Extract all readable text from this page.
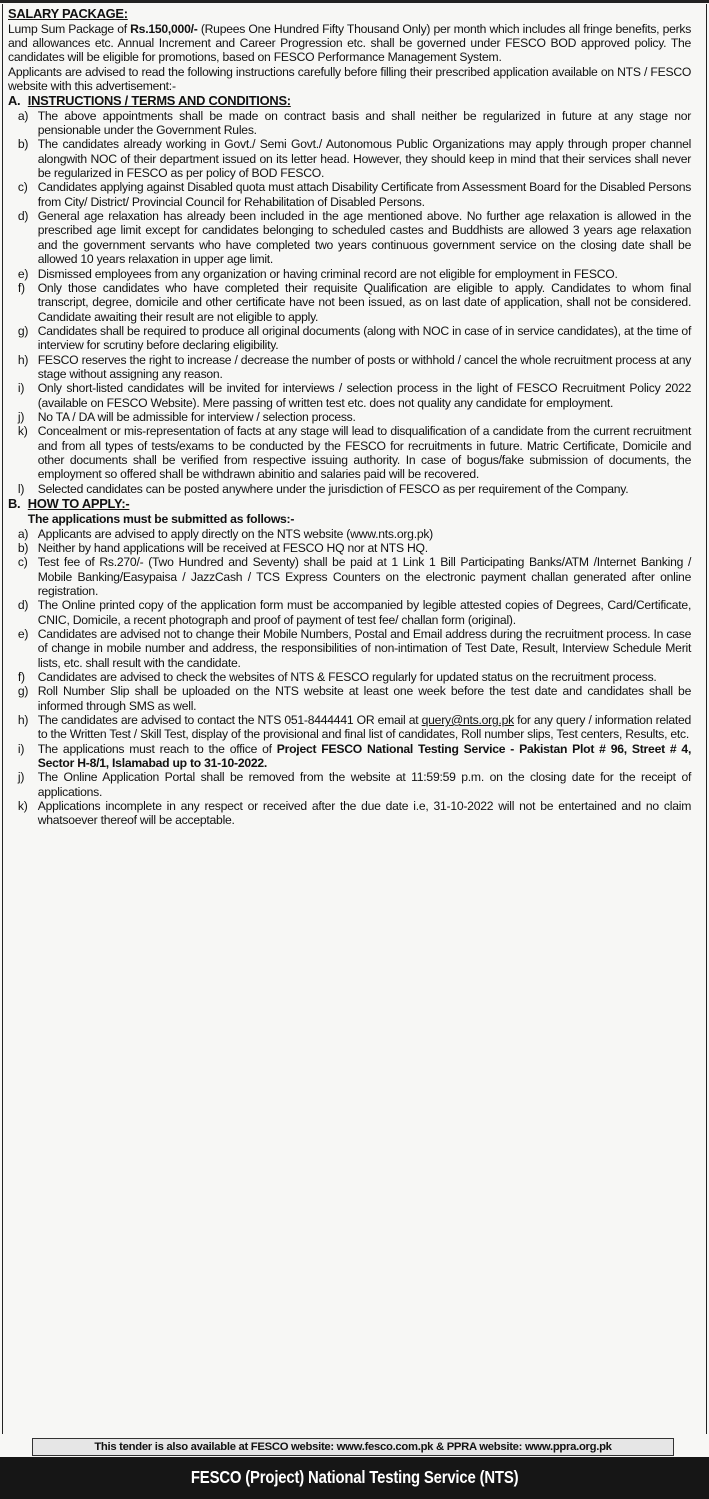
SALARY PACKAGE:

Lump Sum Package of Rs.150,000/- (Rupees One Hundred Fifty Thousand Only) per month which includes all fringe benefits, perks and allowances etc. Annual Increment and Career Progression etc. shall be governed under FESCO BOD approved policy. The candidates will be eligible for promotions, based on FESCO Performance Management System.

Applicants are advised to read the following instructions carefully before filling their prescribed application available on NTS / FESCO website with this advertisement:-

A. INSTRUCTIONS / TERMS AND CONDITIONS:

a) The above appointments shall be made on contract basis and shall neither be regularized in future at any stage nor pensionable under the Government Rules.
b) The candidates already working in Govt./ Semi Govt./ Autonomous Public Organizations may apply through proper channel alongwith NOC of their department issued on its letter head. However, they should keep in mind that their services shall never be regularized in FESCO as per policy of BOD FESCO.
c) Candidates applying against Disabled quota must attach Disability Certificate from Assessment Board for the Disabled Persons from City/ District/ Provincial Council for Rehabilitation of Disabled Persons.
d) General age relaxation has already been included in the age mentioned above. No further age relaxation is allowed in the prescribed age limit except for candidates belonging to scheduled castes and Buddhists are allowed 3 years age relaxation and the government servants who have completed two years continuous government service on the closing date shall be allowed 10 years relaxation in upper age limit.
e) Dismissed employees from any organization or having criminal record are not eligible for employment in FESCO.
f)	Only those candidates who have completed their requisite Qualification are eligible to apply. Candidates to whom final transcript, degree, domicile and other certificate have not been issued, as on last date of application, shall not be considered. Candidate awaiting their result are not eligible to apply.
g) Candidates shall be required to produce all original documents (along with NOC in case of in service candidates), at the time of interview for scrutiny before declaring eligibility.
h) FESCO reserves the right to increase / decrease the number of posts or withhold / cancel the whole recruitment process at any stage without assigning any reason.
i)	Only short-listed candidates will be invited for interviews / selection process in the light of FESCO Recruitment Policy 2022 (available on FESCO Website). Mere passing of written test etc. does not quality any candidate for employment.
j)	No TA / DA will be admissible for interview / selection process.
k) Concealment or mis-representation of facts at any stage will lead to disqualification of a candidate from the current recruitment and from all types of tests/exams to be conducted by the FESCO for recruitments in future. Matric Certificate, Domicile and other documents shall be verified from respective issuing authority. In case of bogus/fake submission of documents, the employment so offered shall be withdrawn abinitio and salaries paid will be recovered.
l)	Selected candidates can be posted anywhere under the jurisdiction of FESCO as per requirement of the Company.

B. HOW TO APPLY:-

The applications must be submitted as follows:-

a) Applicants are advised to apply directly on the NTS website (www.nts.org.pk)
b) Neither by hand applications will be received at FESCO HQ nor at NTS HQ.
c) Test fee of Rs.270/- (Two Hundred and Seventy) shall be paid at 1 Link 1 Bill Participating Banks/ATM /Internet Banking / Mobile Banking/Easypaisa / JazzCash / TCS Express Counters on the electronic payment challan generated after online registration.
d) The Online printed copy of the application form must be accompanied by legible attested copies of Degrees, Card/Certificate, CNIC, Domicile, a recent photograph and proof of payment of test fee/ challan form (original).
e) Candidates are advised not to change their Mobile Numbers, Postal and Email address during the recruitment process. In case of change in mobile number and address, the responsibilities of non-intimation of Test Date, Result, Interview Schedule Merit lists, etc. shall result with the candidate.
f)	Candidates are advised to check the websites of NTS & FESCO regularly for updated status on the recruitment process.
g) Roll Number Slip shall be uploaded on the NTS website at least one week before the test date and candidates shall be informed through SMS as well.
h) The candidates are advised to contact the NTS 051-8444441 OR email at query@nts.org.pk for any query / information related to the Written Test / Skill Test, display of the provisional and final list of candidates, Roll number slips, Test centers, Results, etc.
i)	The applications must reach to the office of Project FESCO National Testing Service - Pakistan Plot # 96, Street # 4, Sector H-8/1, Islamabad up to 31-10-2022.
j)	The Online Application Portal shall be removed from the website at 11:59:59 p.m. on the closing date for the receipt of applications.
k) Applications incomplete in any respect or received after the due date i.e, 31-10-2022 will not be entertained and no claim whatsoever thereof will be acceptable.
This tender is also available at FESCO website: www.fesco.com.pk & PPRA website: www.ppra.org.pk
FESCO (Project) National Testing Service (NTS)
